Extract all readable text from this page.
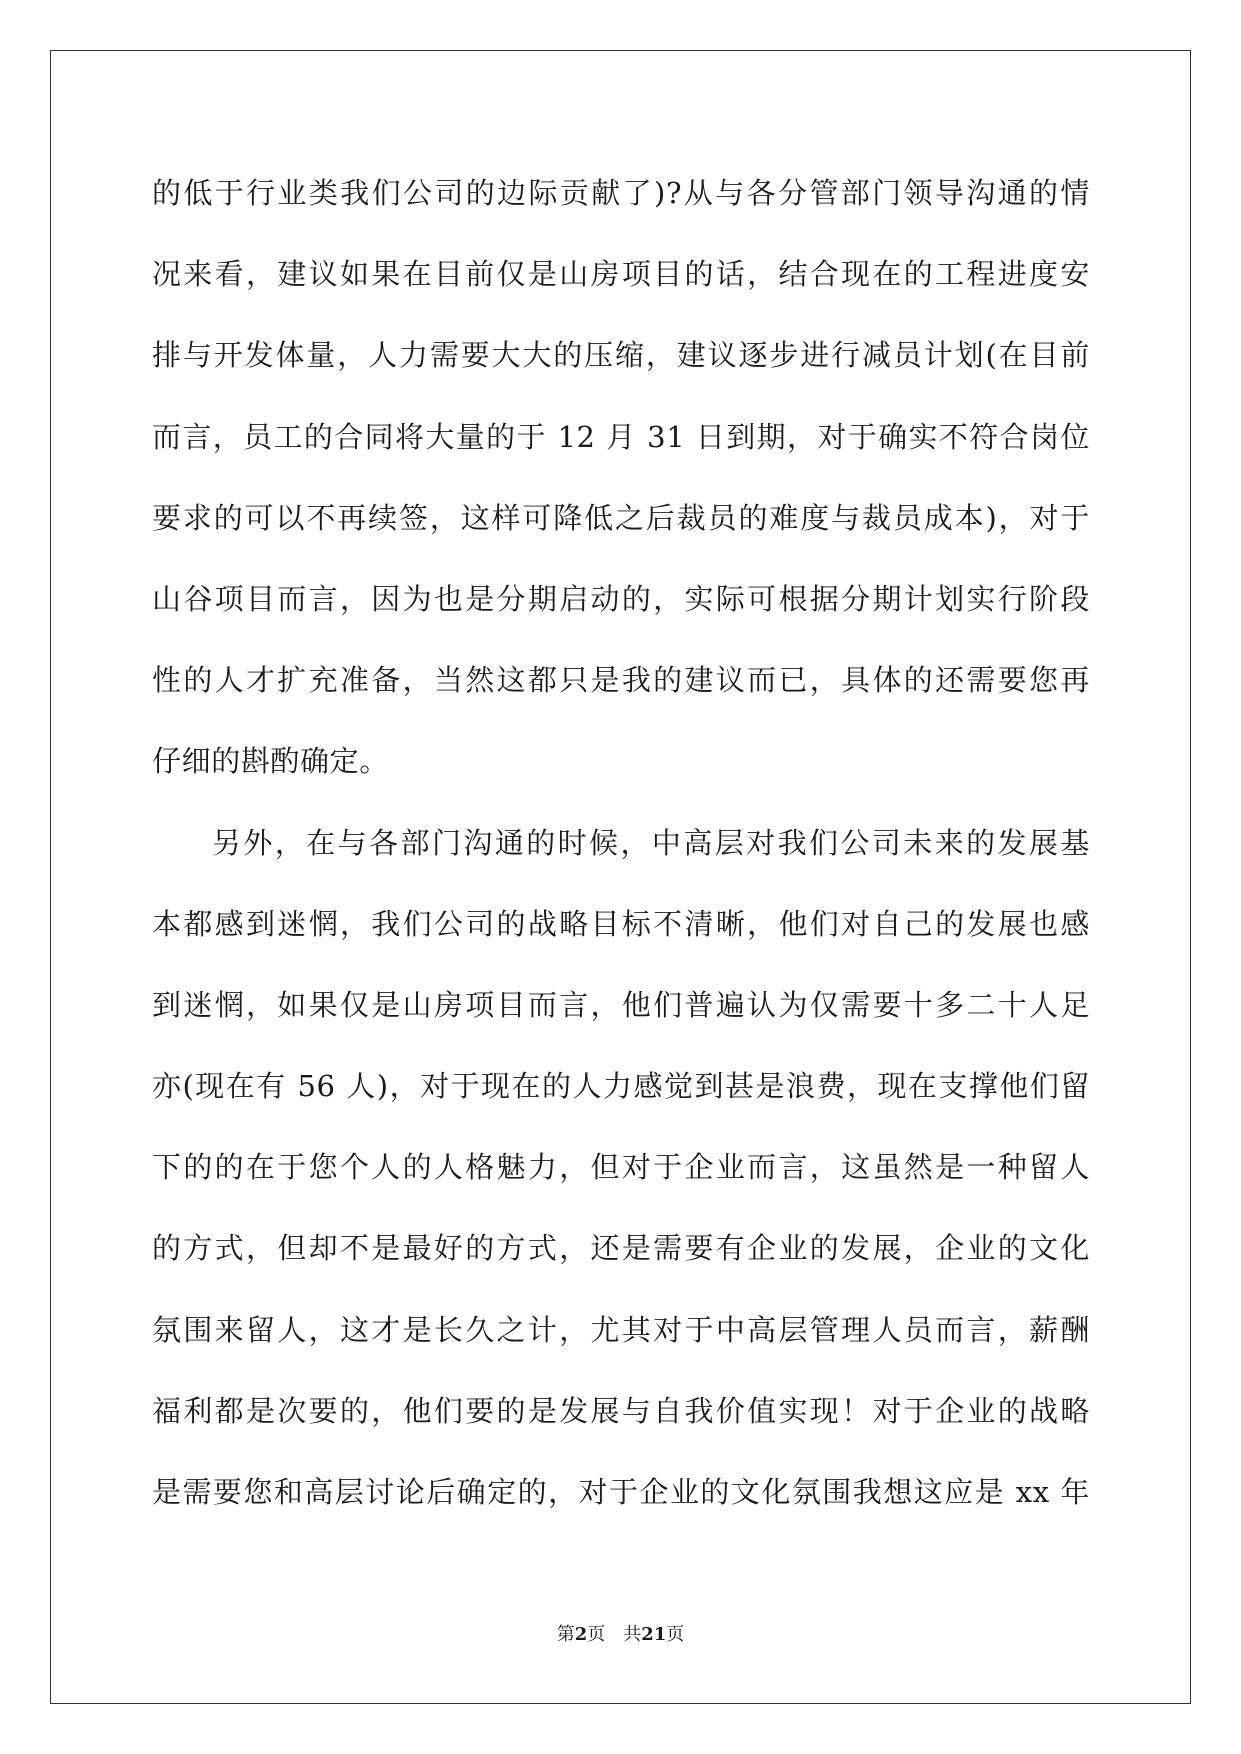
的低于行业类我们公司的边际贡献了)?从与各分管部门领导沟通的情
况来看，建议如果在目前仅是山房项目的话，结合现在的工程进度安
排与开发体量，人力需要大大的压缩，建议逐步进行减员计划(在目前
而言，员工的合同将大量的于 12 月 31 日到期，对于确实不符合岗位
要求的可以不再续签，这样可降低之后裁员的难度与裁员成本)，对于
山谷项目而言，因为也是分期启动的，实际可根据分期计划实行阶段
性的人才扩充准备，当然这都只是我的建议而已，具体的还需要您再
仔细的斟酌确定。
另外，在与各部门沟通的时候，中高层对我们公司未来的发展基
本都感到迷惘，我们公司的战略目标不清晰，他们对自己的发展也感
到迷惘，如果仅是山房项目而言，他们普遍认为仅需要十多二十人足
亦(现在有 56 人)，对于现在的人力感觉到甚是浪费，现在支撑他们留
下的的在于您个人的人格魅力，但对于企业而言，这虽然是一种留人
的方式，但却不是最好的方式，还是需要有企业的发展，企业的文化
氛围来留人，这才是长久之计，尤其对于中高层管理人员而言，薪酬
福利都是次要的，他们要的是发展与自我价值实现！对于企业的战略
是需要您和高层讨论后确定的，对于企业的文化氛围我想这应是 xx 年
第2页 共21页
